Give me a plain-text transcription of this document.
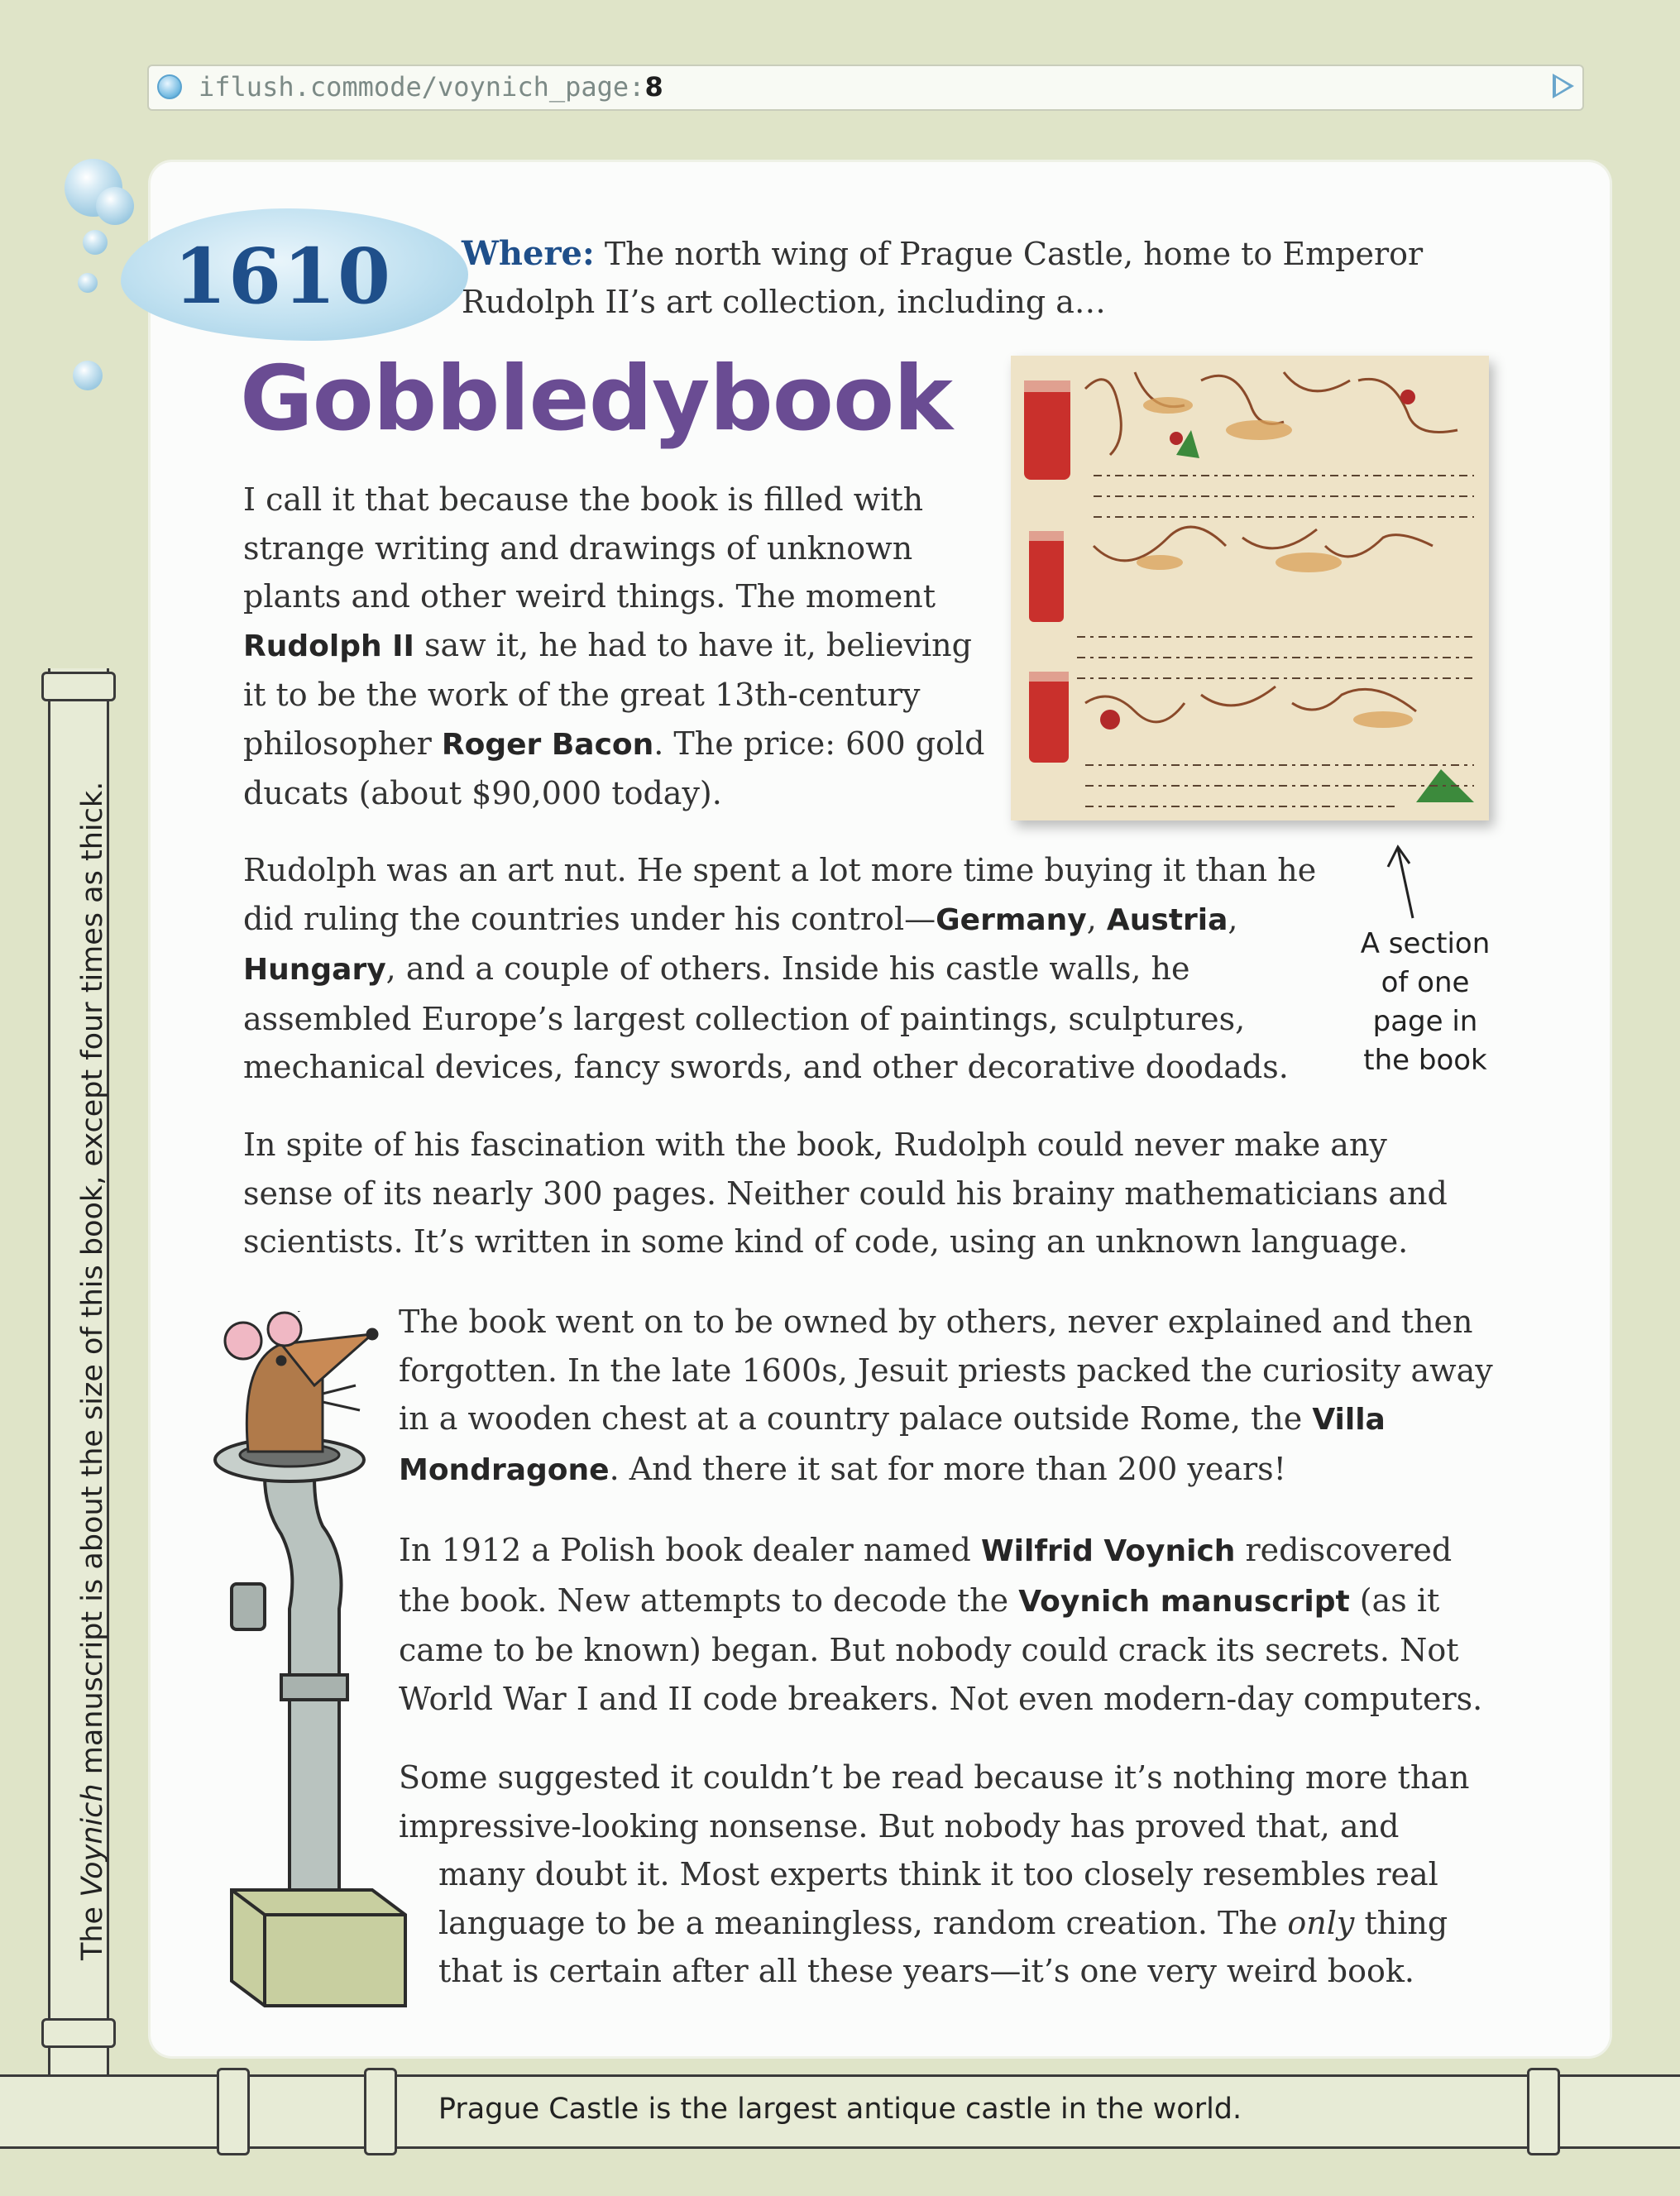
iflush.commode/voynich_page:8
1610 Where: The north wing of Prague Castle, home to Emperor Rudolph II’s art collection, including a…
Gobbledybook

I call it that because the book is filled with strange writing and drawings of unknown plants and other weird things. The moment Rudolph II saw it, he had to have it, believing it to be the work of the great 13th-century philosopher Roger Bacon. The price: 600 gold ducats (about $90,000 today).

A section of one page in the book

Rudolph was an art nut. He spent a lot more time buying it than he did ruling the countries under his control—Germany, Austria, Hungary, and a couple of others. Inside his castle walls, he assembled Europe’s largest collection of paintings, sculptures, mechanical devices, fancy swords, and other decorative doodads.

In spite of his fascination with the book, Rudolph could never make any sense of its nearly 300 pages. Neither could his brainy mathematicians and scientists. It’s written in some kind of code, using an unknown language.

The book went on to be owned by others, never explained and then forgotten. In the late 1600s, Jesuit priests packed the curiosity away in a wooden chest at a country palace outside Rome, the Villa Mondragone. And there it sat for more than 200 years!

In 1912 a Polish book dealer named Wilfrid Voynich rediscovered the book. New attempts to decode the Voynich manuscript (as it came to be known) began. But nobody could crack its secrets. Not World War I and II code breakers. Not even modern-day computers.

Some suggested it couldn’t be read because it’s nothing more than
impressive-looking nonsense. But nobody has proved that, and
many doubt it. Most experts think it too closely resembles real
language to be a meaningless, random creation. The only thing
that is certain after all these years—it’s one very weird book.
The Voynich manuscript is about the size of this book, except four times as thick.
Prague Castle is the largest antique castle in the world.
